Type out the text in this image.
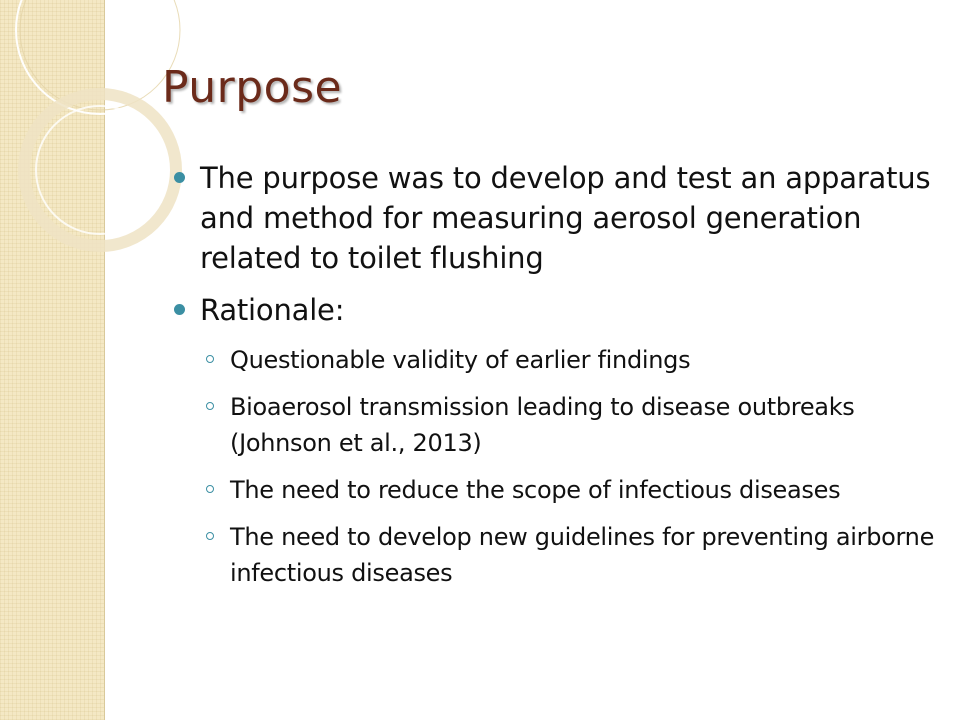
Purpose
The purpose was to develop and test an apparatus and method for measuring aerosol generation related to toilet flushing
Rationale:
Questionable validity of earlier findings
Bioaerosol transmission leading to disease outbreaks (Johnson et al., 2013)
The need to reduce the scope of infectious diseases
The need to develop new guidelines for preventing airborne infectious diseases
